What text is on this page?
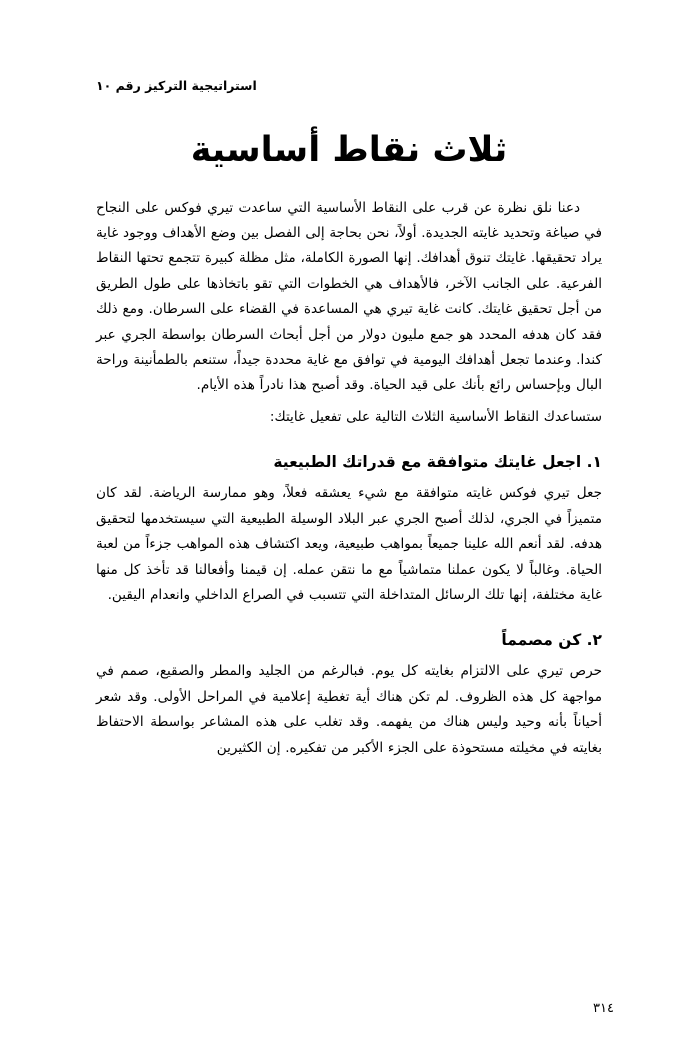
استراتيجية التركيز رقم ١٠
ثلاث نقاط أساسية

دعنا نلق نظرة عن قرب على النقاط الأساسية التي ساعدت تيري فوكس على النجاح في صياغة وتحديد غايته الجديدة. أولاً، نحن بحاجة إلى الفصل بين وضع الأهداف ووجود غاية يراد تحقيقها. غايتك تنوق أهدافك. إنها الصورة الكاملة، مثل مظلة كبيرة تتجمع تحتها النقاط الفرعية. على الجانب الآخر، فالأهداف هي الخطوات التي تقو باتخاذها على طول الطريق من أجل تحقيق غايتك. كانت غاية تيري هي المساعدة في القضاء على السرطان. ومع ذلك فقد كان هدفه المحدد هو جمع مليون دولار من أجل أبحاث السرطان بواسطة الجري عبر كندا. وعندما تجعل أهدافك اليومية في توافق مع غاية محددة جيداً، ستنعم بالطمأنينة وراحة البال وبإحساس رائع بأنك على قيد الحياة. وقد أصبح هذا نادراً هذه الأيام.

ستساعدك النقاط الأساسية الثلاث التالية على تفعيل غايتك:

١. اجعل غايتك متوافقة مع قدراتك الطبيعية

جعل تيري فوكس غايته متوافقة مع شيء يعشقه فعلاً، وهو ممارسة الرياضة. لقد كان متميزاً في الجري، لذلك أصبح الجري عبر البلاد الوسيلة الطبيعية التي سيستخدمها لتحقيق هدفه. لقد أنعم الله علينا جميعاً بمواهب طبيعية، ويعد اكتشاف هذه المواهب جزءاً من لعبة الحياة. وغالباً لا يكون عملنا متماشياً مع ما نتقن عمله. إن قيمنا وأفعالنا قد تأخذ كل منها غاية مختلفة، إنها تلك الرسائل المتداخلة التي تتسبب في الصراع الداخلي وانعدام اليقين.

٢. كن مصمماً

حرص تيري على الالتزام بغايته كل يوم. فبالرغم من الجليد والمطر والصقيع، صمم في مواجهة كل هذه الظروف. لم تكن هناك أية تغطية إعلامية في المراحل الأولى. وقد شعر أحياناً بأنه وحيد وليس هناك من يفهمه. وقد تغلب على هذه المشاعر بواسطة الاحتفاظ بغايته في مخيلته مستحوذة على الجزء الأكبر من تفكيره. إن الكثيرين

٣١٤
